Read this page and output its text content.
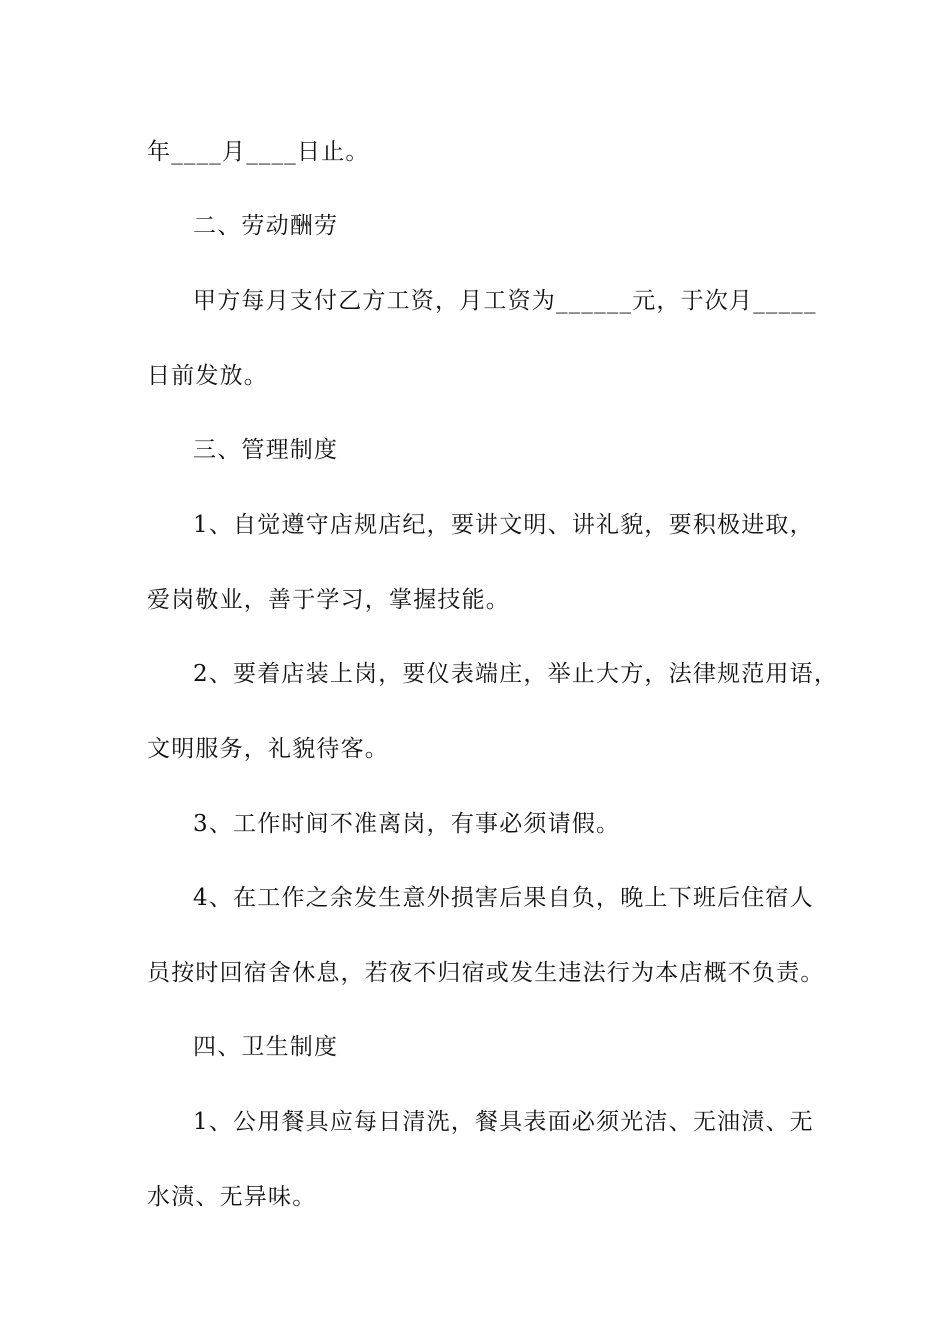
年____月____日止。
二、劳动酬劳
甲方每月支付乙方工资，月工资为______元，于次月_____
日前发放。
三、管理制度
1、自觉遵守店规店纪，要讲文明、讲礼貌，要积极进取，
爱岗敬业，善于学习，掌握技能。
2、要着店装上岗，要仪表端庄，举止大方，法律规范用语，
文明服务，礼貌待客。
3、工作时间不准离岗，有事必须请假。
4、在工作之余发生意外损害后果自负，晚上下班后住宿人
员按时回宿舍休息，若夜不归宿或发生违法行为本店概不负责。
四、卫生制度
1、公用餐具应每日清洗，餐具表面必须光洁、无油渍、无
水渍、无异味。
